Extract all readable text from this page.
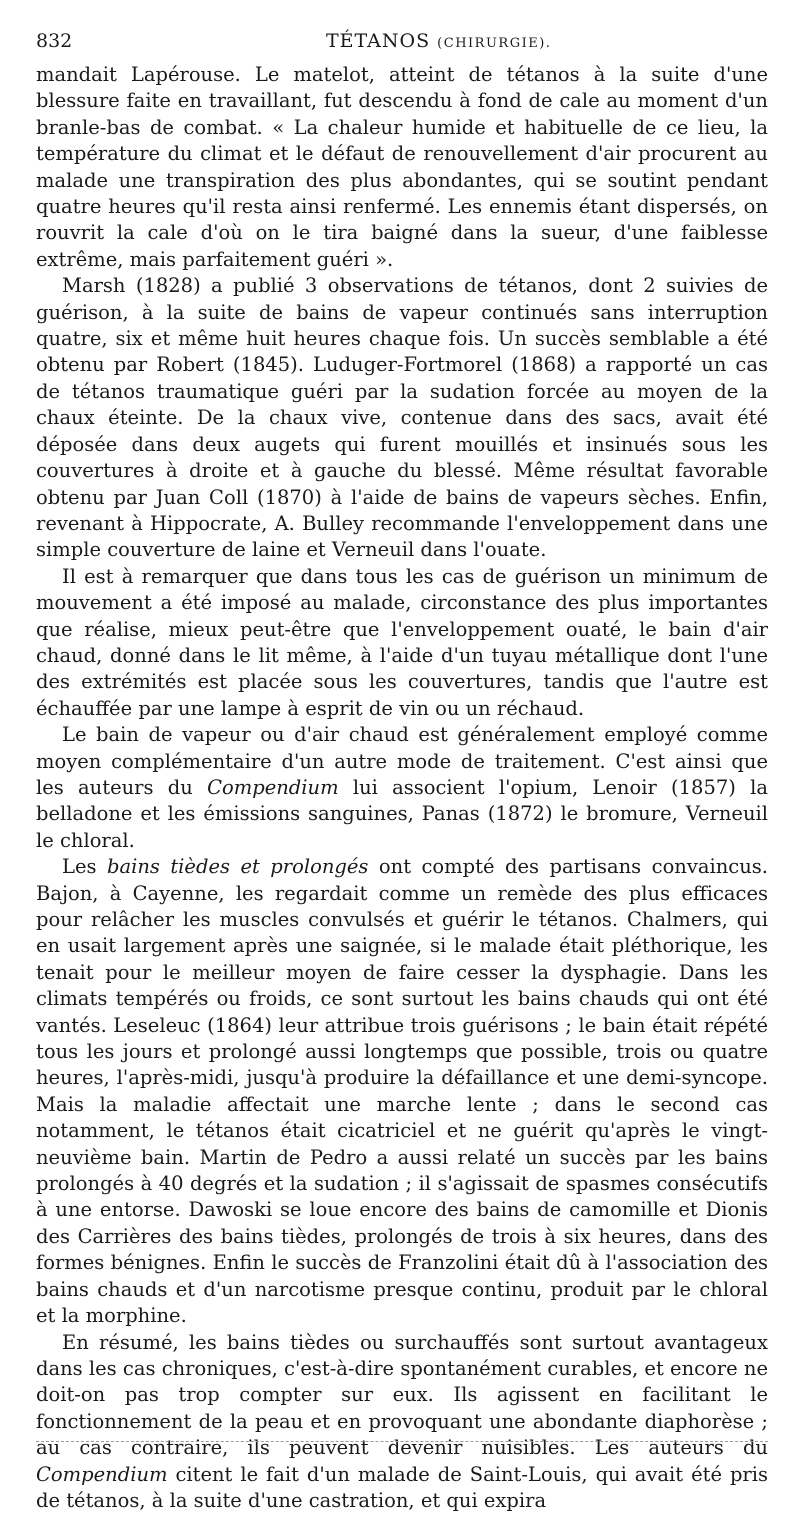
832	TÉTANOS (CHIRURGIE).

mandait Lapérouse. Le matelot, atteint de tétanos à la suite d'une blessure faite en travaillant, fut descendu à fond de cale au moment d'un branle-bas de combat. « La chaleur humide et habituelle de ce lieu, la température du climat et le défaut de renouvellement d'air procurent au malade une transpiration des plus abondantes, qui se soutint pendant quatre heures qu'il resta ainsi renfermé. Les ennemis étant dispersés, on rouvrit la cale d'où on le tira baigné dans la sueur, d'une faiblesse extrême, mais parfaitement guéri ».

Marsh (1828) a publié 3 observations de tétanos, dont 2 suivies de guérison, à la suite de bains de vapeur continués sans interruption quatre, six et même huit heures chaque fois. Un succès semblable a été obtenu par Robert (1845). Luduger-Fortmorel (1868) a rapporté un cas de tétanos traumatique guéri par la sudation forcée au moyen de la chaux éteinte. De la chaux vive, contenue dans des sacs, avait été déposée dans deux augets qui furent mouillés et insinués sous les couvertures à droite et à gauche du blessé. Même résultat favorable obtenu par Juan Coll (1870) à l'aide de bains de vapeurs sèches. Enfin, revenant à Hippocrate, A. Bulley recommande l'enveloppement dans une simple couverture de laine et Verneuil dans l'ouate.

Il est à remarquer que dans tous les cas de guérison un minimum de mouvement a été imposé au malade, circonstance des plus importantes que réalise, mieux peut-être que l'enveloppement ouaté, le bain d'air chaud, donné dans le lit même, à l'aide d'un tuyau métallique dont l'une des extrémités est placée sous les couvertures, tandis que l'autre est échauffée par une lampe à esprit de vin ou un réchaud.

Le bain de vapeur ou d'air chaud est généralement employé comme moyen complémentaire d'un autre mode de traitement. C'est ainsi que les auteurs du Compendium lui associent l'opium, Lenoir (1857) la belladone et les émissions sanguines, Panas (1872) le bromure, Verneuil le chloral.

Les bains tièdes et prolongés ont compté des partisans convaincus. Bajon, à Cayenne, les regardait comme un remède des plus efficaces pour relâcher les muscles convulsés et guérir le tétanos. Chalmers, qui en usait largement après une saignée, si le malade était pléthorique, les tenait pour le meilleur moyen de faire cesser la dysphagie. Dans les climats tempérés ou froids, ce sont surtout les bains chauds qui ont été vantés. Leseleuc (1864) leur attribue trois guérisons ; le bain était répété tous les jours et prolongé aussi longtemps que possible, trois ou quatre heures, l'après-midi, jusqu'à produire la défaillance et une demi-syncope. Mais la maladie affectait une marche lente ; dans le second cas notamment, le tétanos était cicatriciel et ne guérit qu'après le vingt-neuvième bain. Martin de Pedro a aussi relaté un succès par les bains prolongés à 40 degrés et la sudation ; il s'agissait de spasmes consécutifs à une entorse. Dawoski se loue encore des bains de camomille et Dionis des Carrières des bains tièdes, prolongés de trois à six heures, dans des formes bénignes. Enfin le succès de Franzolini était dû à l'association des bains chauds et d'un narcotisme presque continu, produit par le chloral et la morphine.

En résumé, les bains tièdes ou surchauffés sont surtout avantageux dans les cas chroniques, c'est-à-dire spontanément curables, et encore ne doit-on pas trop compter sur eux. Ils agissent en facilitant le fonctionnement de la peau et en provoquant une abondante diaphorèse ; au cas contraire, ils peuvent devenir nuisibles. Les auteurs du Compendium citent le fait d'un malade de Saint-Louis, qui avait été pris de tétanos, à la suite d'une castration, et qui expira
